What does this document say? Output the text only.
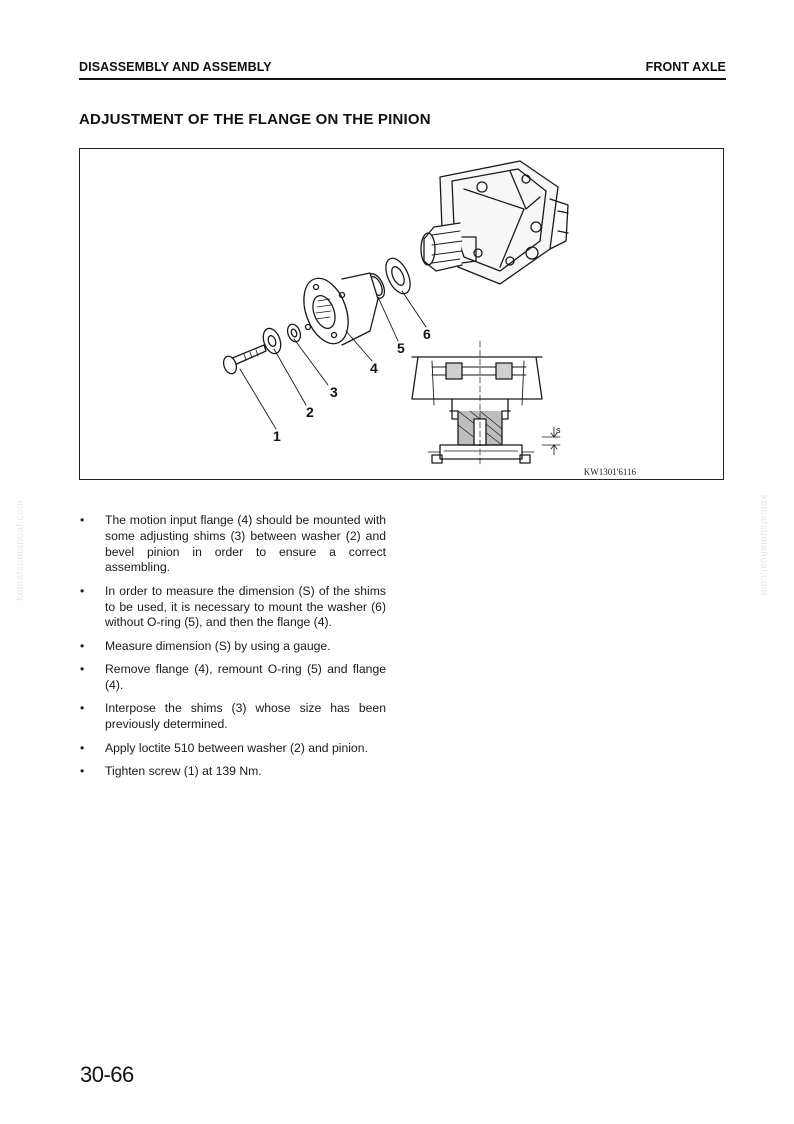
DISASSEMBLY AND ASSEMBLY	FRONT AXLE
ADJUSTMENT OF THE FLANGE ON THE PINION
1
2
3
4
5
6
s
KW1301'6116
• The motion input flange (4) should be mounted with some adjusting shims (3) between washer (2) and bevel pinion in order to ensure a correct assembling.
• In order to measure the dimension (S) of the shims to be used, it is necessary to mount the washer (6) without O-ring (5), and then the flange (4).
• Measure dimension (S) by using a gauge.
• Remove flange (4), remount O-ring (5) and flange (4).
• Interpose the shims (3) whose size has been previously determined.
• Apply loctite 510 between washer (2) and pinion.
• Tighten screw (1) at 139 Nm.
komatsumanual.com	komatsumanual.com
30-66
